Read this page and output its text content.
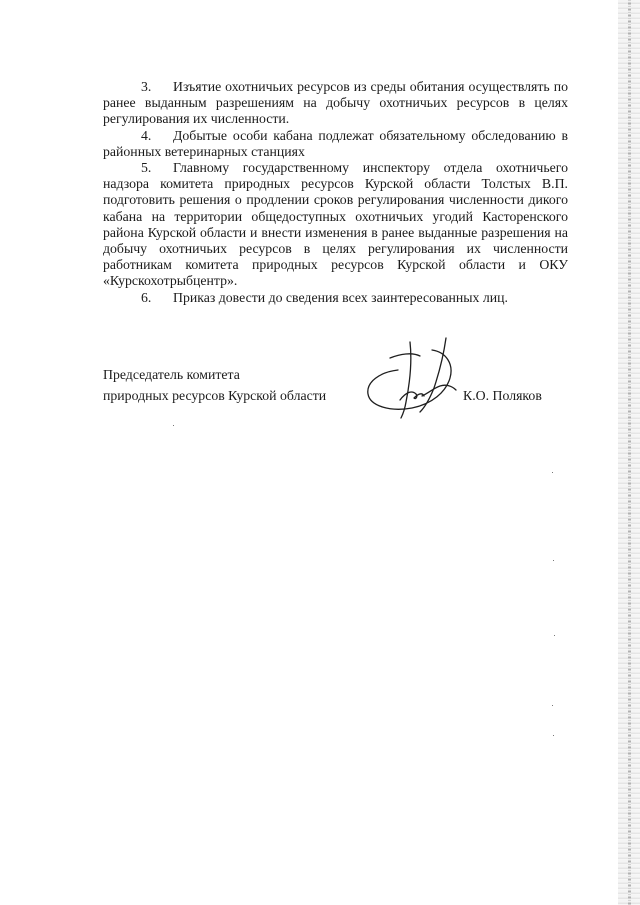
3. Изъятие охотничьих ресурсов из среды обитания осуществлять по ранее выданным разрешениям на добычу охотничьих ресурсов в целях регулирования их численности.

4. Добытые особи кабана подлежат обязательному обследованию в районных ветеринарных станциях

5. Главному государственному инспектору отдела охотничьего надзора комитета природных ресурсов Курской области Толстых В.П. подготовить решения о продлении сроков регулирования численности дикого кабана на территории общедоступных охотничьих угодий Касторенского района Курской области и внести изменения в ранее выданные разрешения на добычу охотничьих ресурсов в целях регулирования их численности работникам комитета природных ресурсов Курской области и ОКУ «Курскохотрыбцентр».

6. Приказ довести до сведения всех заинтересованных лиц.

Председатель комитета
природных ресурсов Курской области	К.О. Поляков
